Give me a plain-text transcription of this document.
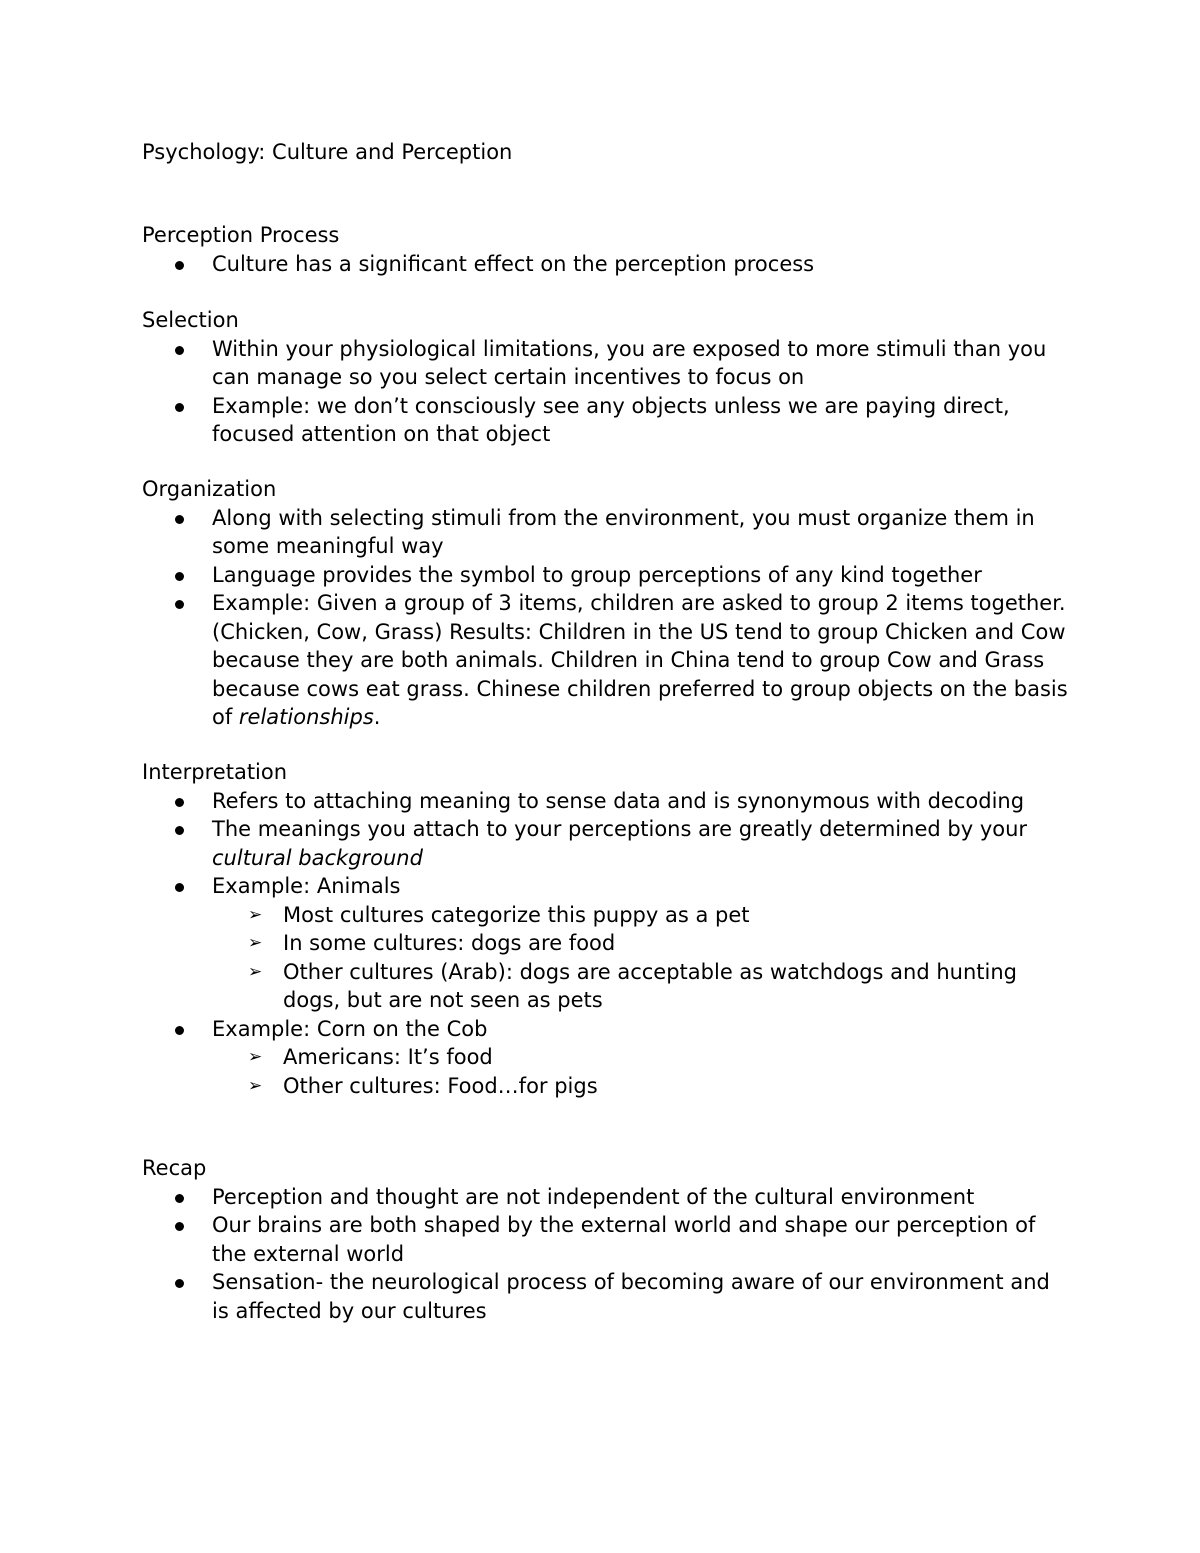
Psychology: Culture and Perception
Perception Process
Culture has a significant effect on the perception process
Selection
Within your physiological limitations, you are exposed to more stimuli than you can manage so you select certain incentives to focus on
Example: we don’t consciously see any objects unless we are paying direct, focused attention on that object
Organization
Along with selecting stimuli from the environment, you must organize them in some meaningful way
Language provides the symbol to group perceptions of any kind together
Example: Given a group of 3 items, children are asked to group 2 items together. (Chicken, Cow, Grass) Results: Children in the US tend to group Chicken and Cow because they are both animals. Children in China tend to group Cow and Grass because cows eat grass. Chinese children preferred to group objects on the basis of relationships.
Interpretation
Refers to attaching meaning to sense data and is synonymous with decoding
The meanings you attach to your perceptions are greatly determined by your cultural background
Example: Animals
➢ Most cultures categorize this puppy as a pet
➢ In some cultures: dogs are food
➢ Other cultures (Arab): dogs are acceptable as watchdogs and hunting dogs, but are not seen as pets
Example: Corn on the Cob
➢ Americans: It’s food
➢ Other cultures: Food…for pigs
Recap
Perception and thought are not independent of the cultural environment
Our brains are both shaped by the external world and shape our perception of the external world
Sensation- the neurological process of becoming aware of our environment and is affected by our cultures
